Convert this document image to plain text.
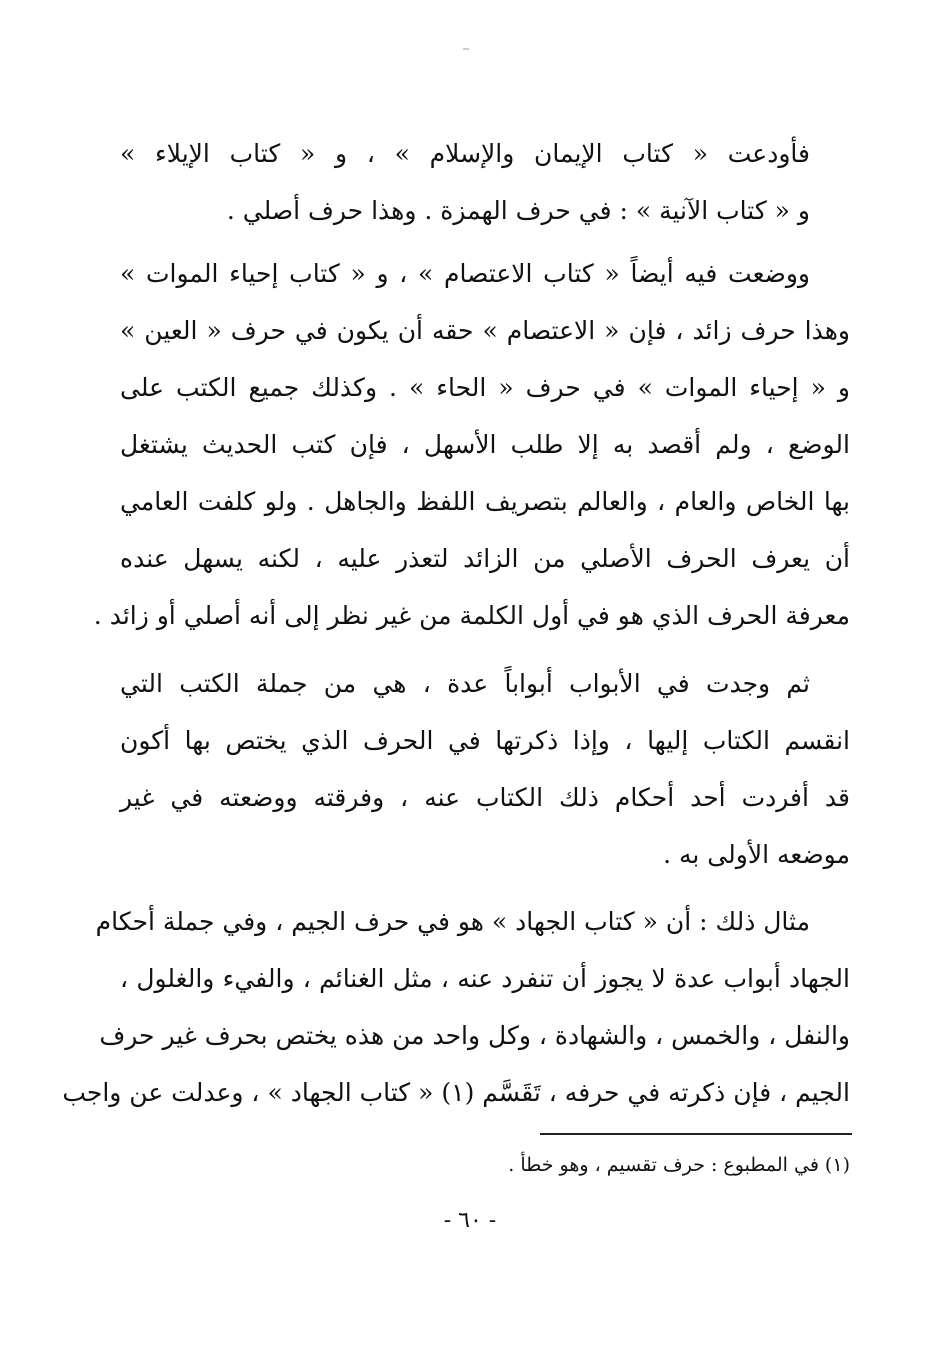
فأودعت « كتاب الإيمان والإسلام » ، و « كتاب الإيلاء »
و « كتاب الآنية » : في حرف الهمزة . وهذا حرف أصلي .
ووضعت فيه أيضاً « كتاب الاعتصام » ، و « كتاب إحياء الموات »
وهذا حرف زائد ، فإن « الاعتصام » حقه أن يكون في حرف « العين »
و « إحياء الموات » في حرف « الحاء » . وكذلك جميع الكتب على
الوضع ، ولم أقصد به إلا طلب الأسهل ، فإن كتب الحديث يشتغل
بها الخاص والعام ، والعالم بتصريف اللفظ والجاهل . ولو كلفت العامي
أن يعرف الحرف الأصلي من الزائد لتعذر عليه ، لكنه يسهل عنده
معرفة الحرف الذي هو في أول الكلمة من غير نظر إلى أنه أصلي أو زائد .
ثم وجدت في الأبواب أبواباً عدة ، هي من جملة الكتب التي
انقسم الكتاب إليها ، وإذا ذكرتها في الحرف الذي يختص بها أكون
قد أفردت أحد أحكام ذلك الكتاب عنه ، وفرقته ووضعته في غير
موضعه الأولى به .
مثال ذلك : أن « كتاب الجهاد » هو في حرف الجيم ، وفي جملة أحكام
الجهاد أبواب عدة لا يجوز أن تنفرد عنه ، مثل الغنائم ، والفيء والغلول ،
والنفل ، والخمس ، والشهادة ، وكل واحد من هذه يختص بحرف غير حرف
الجيم ، فإن ذكرته في حرفه ، تَقَسَّم (١) « كتاب الجهاد » ، وعدلت عن واجب
(١) في المطبوع : حرف تقسيم ، وهو خطأ .
- ٦٠ -
